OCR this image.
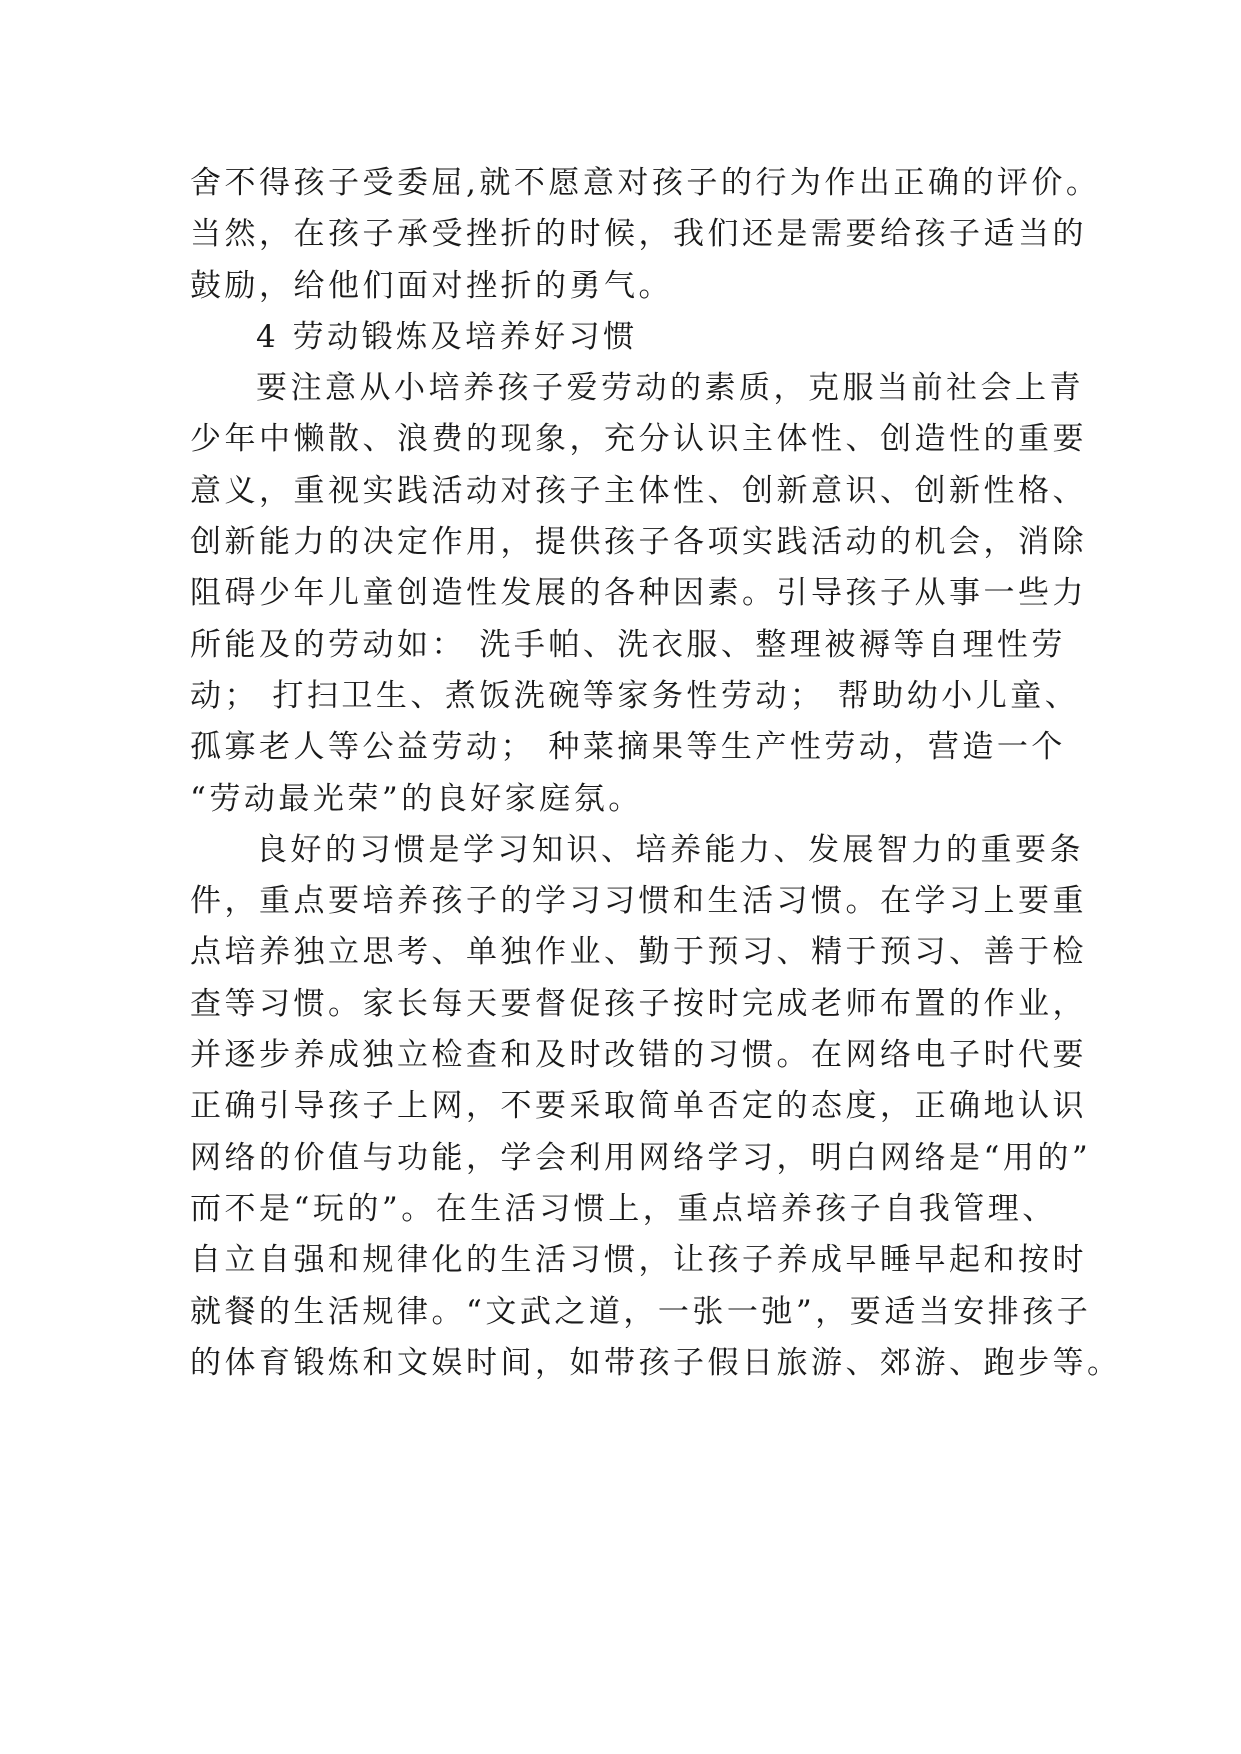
舍不得孩子受委屈,就不愿意对孩子的行为作出正确的评价。
当然，在孩子承受挫折的时候，我们还是需要给孩子适当的
鼓励，给他们面对挫折的勇气。
4 劳动锻炼及培养好习惯
要注意从小培养孩子爱劳动的素质，克服当前社会上青
少年中懒散、浪费的现象，充分认识主体性、创造性的重要
意义，重视实践活动对孩子主体性、创新意识、创新性格、
创新能力的决定作用，提供孩子各项实践活动的机会，消除
阻碍少年儿童创造性发展的各种因素。引导孩子从事一些力
所能及的劳动如： 洗手帕、洗衣服、整理被褥等自理性劳
动； 打扫卫生、煮饭洗碗等家务性劳动； 帮助幼小儿童、
孤寡老人等公益劳动； 种菜摘果等生产性劳动，营造一个
“劳动最光荣”的良好家庭氛。
良好的习惯是学习知识、培养能力、发展智力的重要条
件，重点要培养孩子的学习习惯和生活习惯。在学习上要重
点培养独立思考、单独作业、勤于预习、精于预习、善于检
查等习惯。家长每天要督促孩子按时完成老师布置的作业，
并逐步养成独立检查和及时改错的习惯。在网络电子时代要
正确引导孩子上网，不要采取简单否定的态度，正确地认识
网络的价值与功能，学会利用网络学习，明白网络是“用的”
而不是“玩的”。在生活习惯上，重点培养孩子自我管理、
自立自强和规律化的生活习惯，让孩子养成早睡早起和按时
就餐的生活规律。“文武之道，一张一弛”，要适当安排孩子
的体育锻炼和文娱时间，如带孩子假日旅游、郊游、跑步等。
